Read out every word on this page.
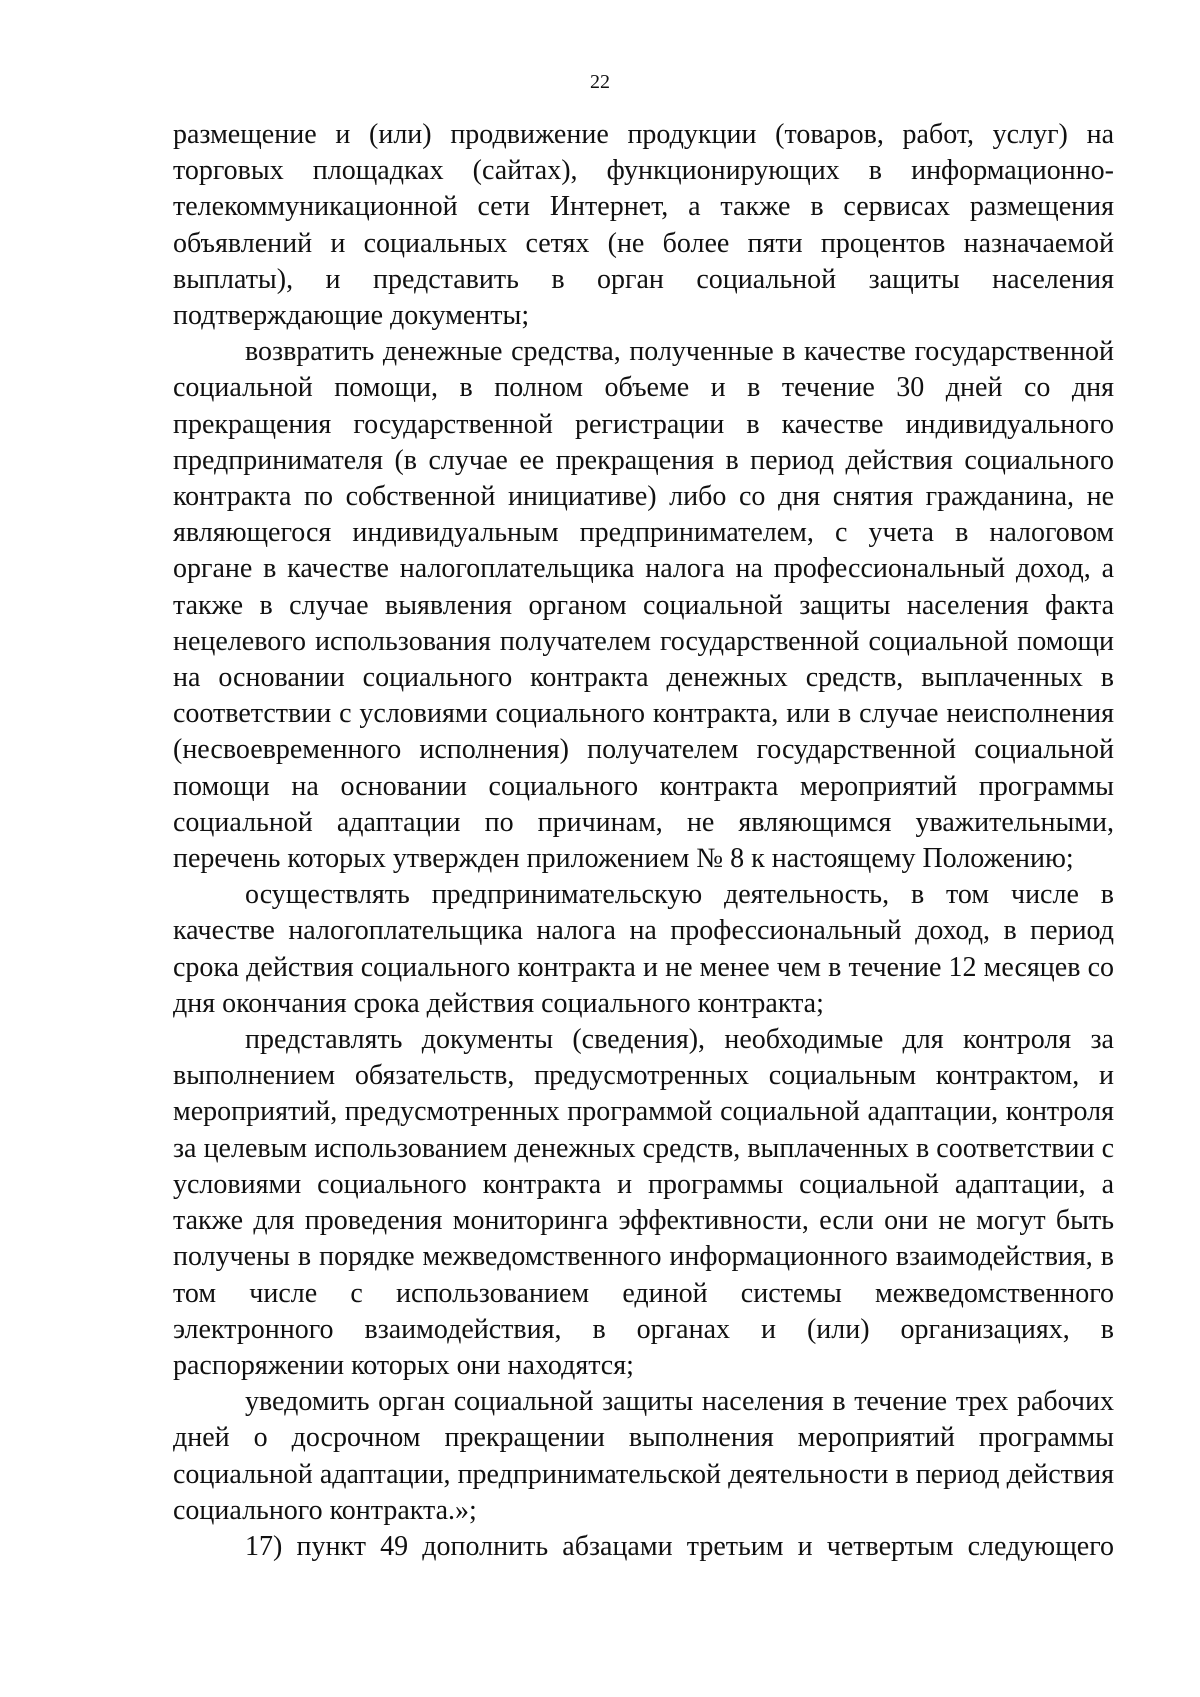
22

размещение и (или) продвижение продукции (товаров, работ, услуг) на торговых площадках (сайтах), функционирующих в информационно-телекоммуникационной сети Интернет, а также в сервисах размещения объявлений и социальных сетях (не более пяти процентов назначаемой выплаты), и представить в орган социальной защиты населения подтверждающие документы;

возвратить денежные средства, полученные в качестве государственной социальной помощи, в полном объеме и в течение 30 дней со дня прекращения государственной регистрации в качестве индивидуального предпринимателя (в случае ее прекращения в период действия социального контракта по собственной инициативе) либо со дня снятия гражданина, не являющегося индивидуальным предпринимателем, с учета в налоговом органе в качестве налогоплательщика налога на профессиональный доход, а также в случае выявления органом социальной защиты населения факта нецелевого использования получателем государственной социальной помощи на основании социального контракта денежных средств, выплаченных в соответствии с условиями социального контракта, или в случае неисполнения (несвоевременного исполнения) получателем государственной социальной помощи на основании социального контракта мероприятий программы социальной адаптации по причинам, не являющимся уважительными, перечень которых утвержден приложением № 8 к настоящему Положению;

осуществлять предпринимательскую деятельность, в том числе в качестве налогоплательщика налога на профессиональный доход, в период срока действия социального контракта и не менее чем в течение 12 месяцев со дня окончания срока действия социального контракта;

представлять документы (сведения), необходимые для контроля за выполнением обязательств, предусмотренных социальным контрактом, и мероприятий, предусмотренных программой социальной адаптации, контроля за целевым использованием денежных средств, выплаченных в соответствии с условиями социального контракта и программы социальной адаптации, а также для проведения мониторинга эффективности, если они не могут быть получены в порядке межведомственного информационного взаимодействия, в том числе с использованием единой системы межведомственного электронного взаимодействия, в органах и (или) организациях, в распоряжении которых они находятся;

уведомить орган социальной защиты населения в течение трех рабочих дней о досрочном прекращении выполнения мероприятий программы социальной адаптации, предпринимательской деятельности в период действия социального контракта.»;

17) пункт 49 дополнить абзацами третьим и четвертым следующего
